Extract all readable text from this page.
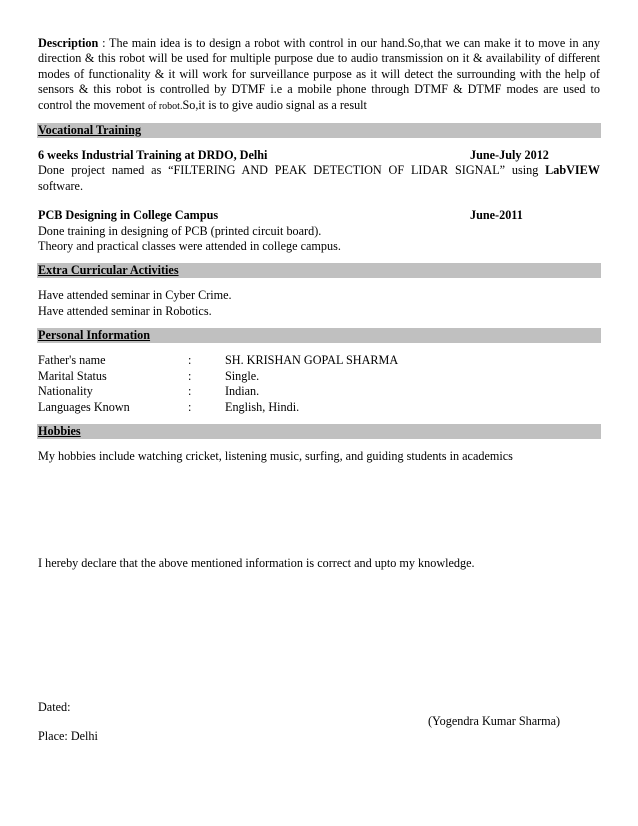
Description : The main idea is to design a robot with control in our hand.So,that we can make it to move in any direction & this robot will be used for multiple purpose due to audio transmission on it & availability of different modes of functionality & it will work for surveillance purpose as it will detect the surrounding with the help of sensors & this robot is controlled by DTMF i.e a mobile phone through DTMF & DTMF modes are used to control the movement of robot.So,it is to give audio signal as a result

Vocational Training
6 weeks Industrial Training at DRDO, Delhi	June-July 2012

Done project named as “FILTERING AND PEAK DETECTION OF LIDAR SIGNAL” using LabVIEW software.

PCB Designing in College Campus	June-2011
Done training in designing of PCB (printed circuit board).
Theory and practical classes were attended in college campus.
Extra Curricular Activities
Have attended seminar in Cyber Crime.
Have attended seminar in Robotics.
Personal Information
Father's name	:	SH. KRISHAN GOPAL SHARMA
Marital Status	:	Single.
Nationality	:	Indian.
Languages Known	:	English, Hindi.
Hobbies
My hobbies include watching cricket, listening music, surfing, and guiding students in academics
I hereby declare that the above mentioned information is correct and upto my knowledge.
Dated:
(Yogendra Kumar Sharma)
Place: Delhi
